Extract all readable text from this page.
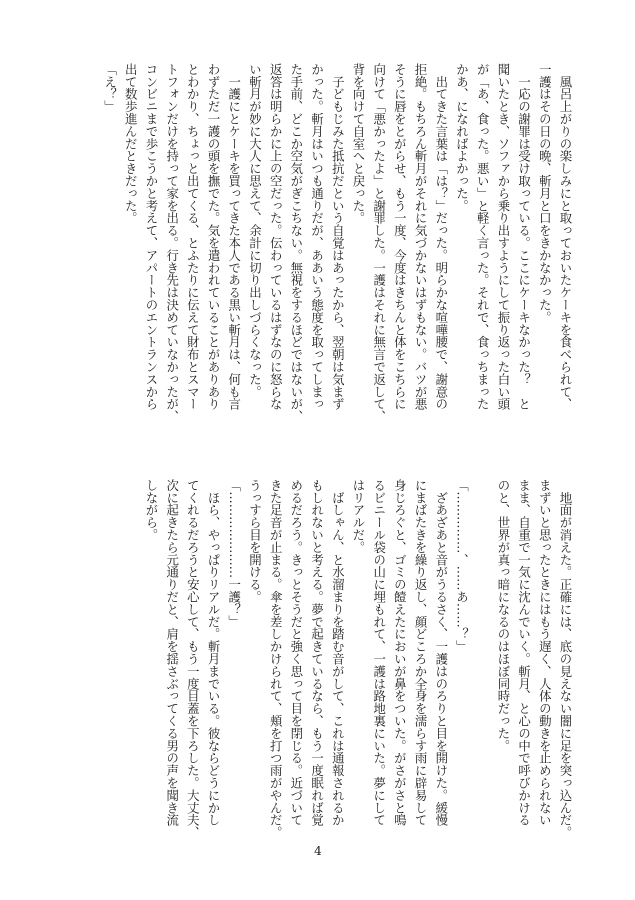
　風呂上がりの楽しみにと取っておいたケーキを食べられて、

一護はその日の晩、斬月と口をきかなかった。

　一応の謝罪は受け取っている。ここにケーキなかった？　と

聞いたとき、ソファから乗り出すようにして振り返った白い頭

が「あ、食った。悪い」と軽く言った。それで、食っちまった

かあ、になればよかった。

　出てきた言葉は「は？」だった。明らかな喧嘩腰で、謝意の

拒絶。もちろん斬月がそれに気づかないはずもない。バツが悪

そうに唇をとがらせ、もう一度、今度はきちんと体をこちらに

向けて「悪かったよ」と謝罪した。一護はそれに無言で返して、

背を向けて自室へと戻った。

　子どもじみた抵抗だという自覚はあったから、翌朝は気まず

かった。斬月はいつも通りだが、ああいう態度を取ってしまっ

た手前、どこか空気がぎこちない。無視をするほどではないが、

返答は明らかに上の空だった。伝わっているはずなのに怒らな

い斬月が妙に大人に思えて、余計に切り出しづらくなった。

　一護にとケーキを買ってきた本人である黒い斬月は、何も言

わずただ一護の頭を撫でた。気を遣われていることがありあり

とわかり、ちょっと出てくる、とふたりに伝えて財布とスマー

トフォンだけを持って家を出る。行き先は決めていなかったが、

コンビニまで歩こうかと考えて、アパートのエントランスから

出て数歩進んだときだった。

「え？」

　地面が消えた。正確には、底の見えない闇に足を突っ込んだ。

まずいと思ったときにはもう遅く、人体の動きを止められない

まま、自重で一気に沈んでいく。斬月、と心の中で呼びかける

のと、世界が真っ暗になるのはほぼ同時だった。

「……………、……あ……？」

　ざあざあと音がうるさく、一護はのろりと目を開けた。緩慢

にまばたきを繰り返し、顔どころか全身を濡らす雨に辟易して

身じろぐと、ゴミの饐えたにおいが鼻をついた。がさがさと鳴

るビニール袋の山に埋もれて、一護は路地裏にいた。夢にして

はリアルだ。

　ばしゃん、と水溜まりを踏む音がして、これは通報されるか

もしれないと考える。夢で起きているなら、もう一度眠れば覚

めるだろう。きっとそうだと強く思って目を閉じる。近づいて

きた足音が止まる。傘を差しかけられて、頬を打つ雨がやんだ。

うっすら目を開ける。

「…………………一護？」

　ほら、やっぱりリアルだ。斬月までいる。彼ならどうにかし

てくれるだろうと安心して、もう一度目蓋を下ろした。大丈夫、

次に起きたら元通りだと、肩を揺さぶってくる男の声を聞き流

しながら。

4
